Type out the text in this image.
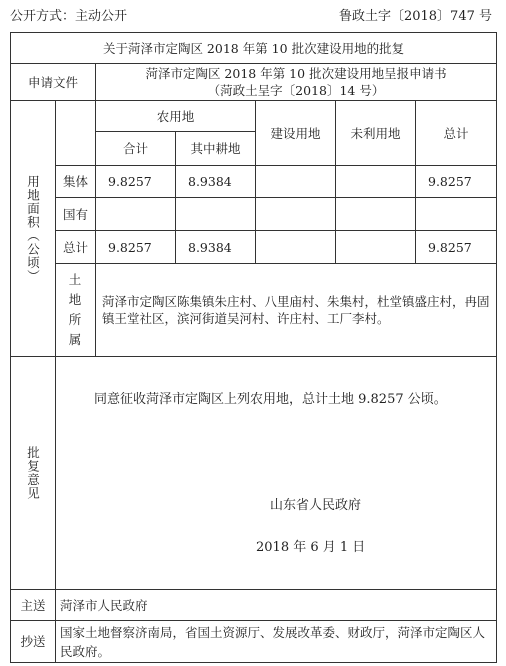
公开方式：主动公开	鲁政土字〔2018〕747 号
关于菏泽市定陶区 2018 年第 10 批次建设用地的批复						
申请文件		菏泽市定陶区 2018 年第 10 批次建设用地呈报申请书
（菏政土呈字〔2018〕14 号）				

用地面积（公顷）		农用地		建设用地	未利用地	总计
		合计	其中耕地			
	集体	9.8257	8.9384			9.8257
	国有					
	总计	9.8257	8.9384			9.8257

	土地所属	菏泽市定陶区陈集镇朱庄村、八里庙村、朱集村，杜堂镇盛庄村，冉固镇王堂社区，滨河街道吴河村、许庄村、工厂李村。				

批复意见	同意征收菏泽市定陶区上列农用地，总计土地 9.8257 公顷。
山东省人民政府
2018 年 6 月 1 日					

主送	菏泽市人民政府					
抄送	国家土地督察济南局，省国土资源厅、发展改革委、财政厅，菏泽市定陶区人民政府。					
